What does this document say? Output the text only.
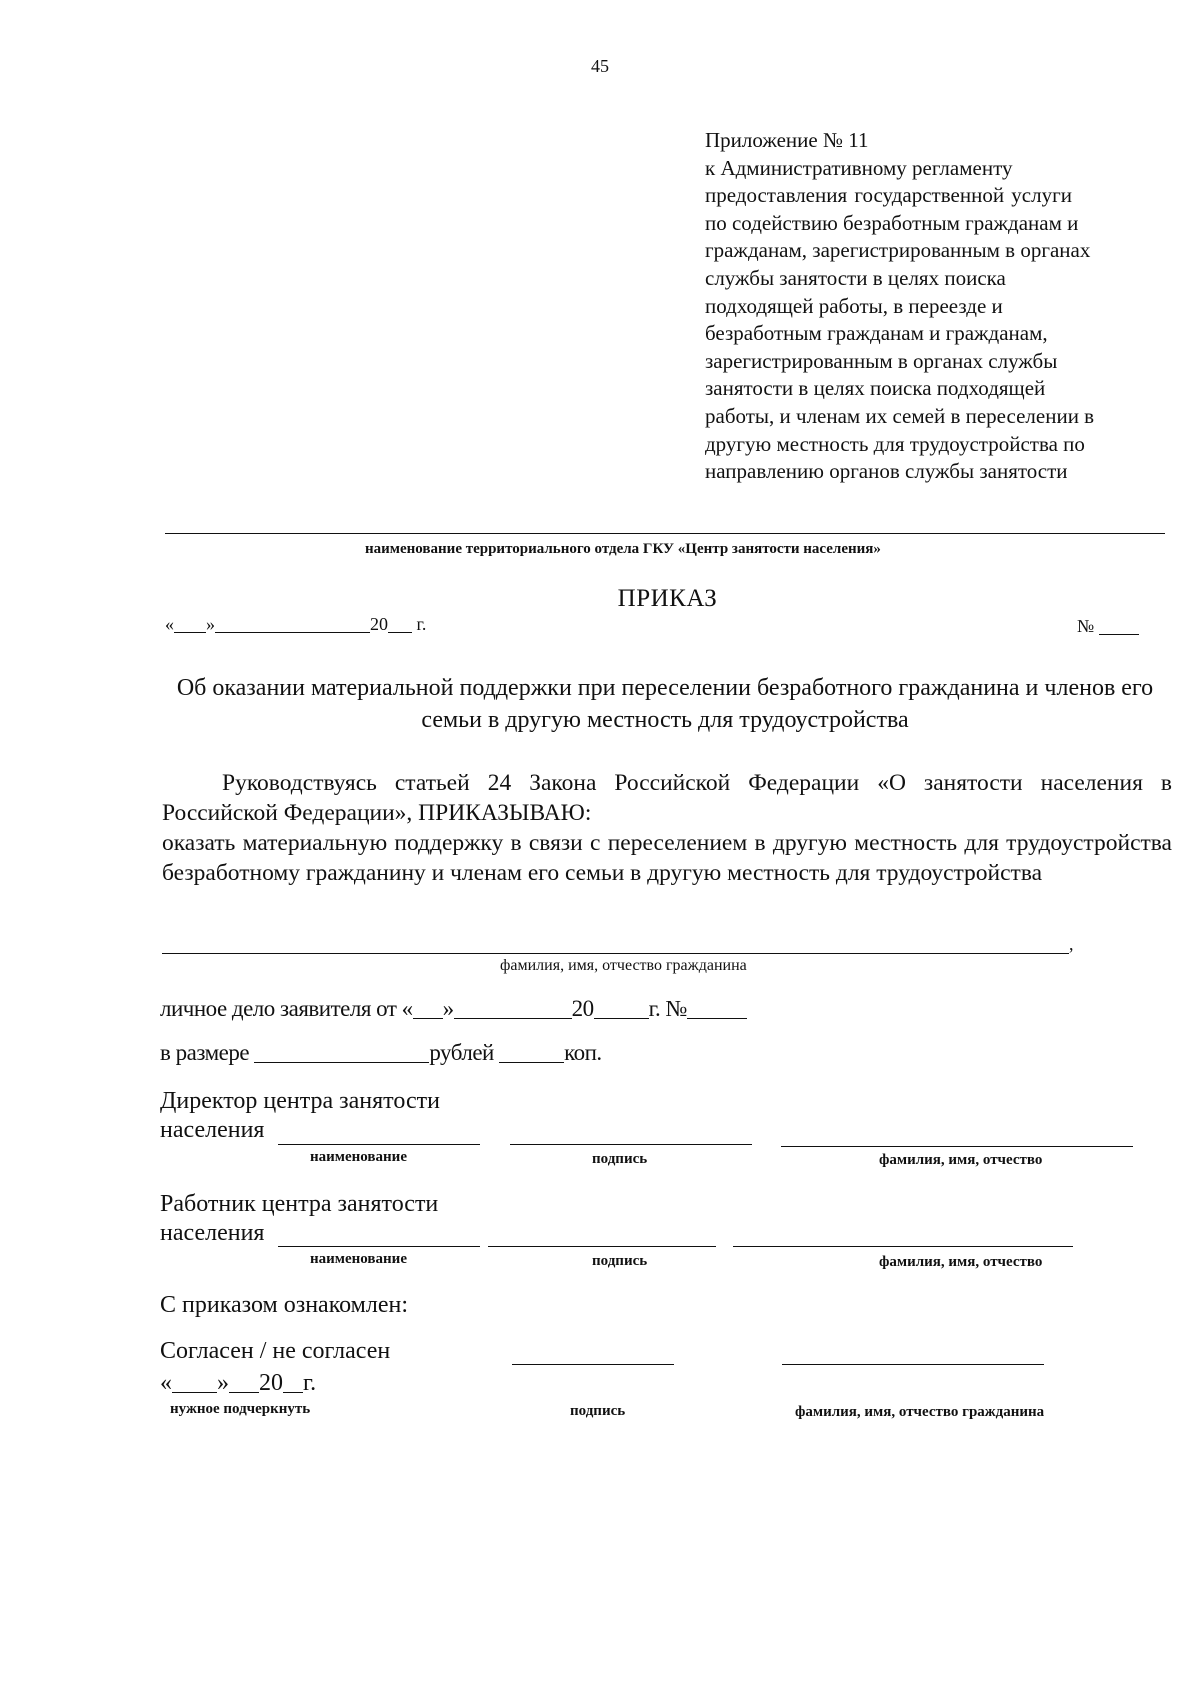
45
Приложение № 11
к Административному регламенту
предоставления государственной услуги
по содействию безработным гражданам и
гражданам, зарегистрированным в органах
службы занятости в целях поиска
подходящей работы, в переезде и
безработным гражданам и гражданам,
зарегистрированным в органах службы
занятости в целях поиска подходящей
работы, и членам их семей в переселении в
другую местность для трудоустройства по
направлению органов службы занятости
наименование территориального отдела ГКУ «Центр занятости населения»
ПРИКАЗ
« »	20 г.	№
Об оказании материальной поддержки при переселении безработного гражданина и членов его семьи в другую местность для трудоустройства
Руководствуясь статьей 24 Закона Российской Федерации «О занятости населения в Российской Федерации», ПРИКАЗЫВАЮ:
оказать материальную поддержку в связи с переселением в другую местность для трудоустройства безработному гражданину и членам его семьи в другую местность для трудоустройства
,
фамилия, имя, отчество гражданина
личное дело заявителя от « »	20 г. №
в размере	рублей	коп.
Директор центра занятости
населения
наименование	подпись	фамилия, имя, отчество
Работник центра занятости
населения
наименование	подпись	фамилия, имя, отчество
С приказом ознакомлен:
Согласен / не согласен
« » 20 г.
нужное подчеркнуть	подпись	фамилия, имя, отчество гражданина
